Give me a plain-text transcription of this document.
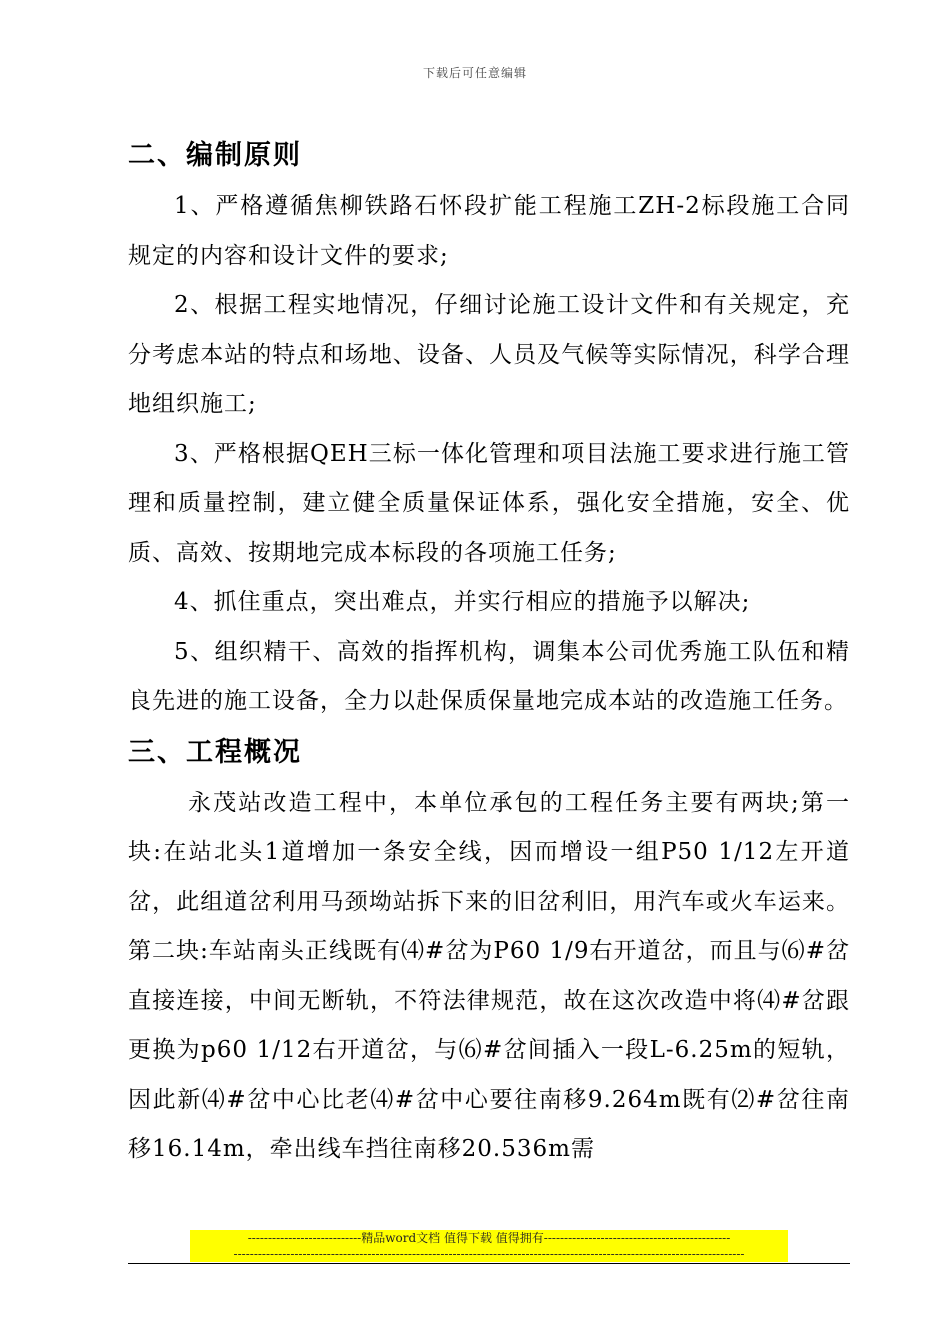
下载后可任意编辑
二、编制原则

1、严格遵循焦柳铁路石怀段扩能工程施工ZH-2标段施工合同规定的内容和设计文件的要求;

2、根据工程实地情况，仔细讨论施工设计文件和有关规定，充分考虑本站的特点和场地、设备、人员及气候等实际情况，科学合理地组织施工;

3、严格根据QEH三标一体化管理和项目法施工要求进行施工管理和质量控制，建立健全质量保证体系，强化安全措施，安全、优质、高效、按期地完成本标段的各项施工任务;

4、抓住重点，突出难点，并实行相应的措施予以解决;

5、组织精干、高效的指挥机构，调集本公司优秀施工队伍和精良先进的施工设备，全力以赴保质保量地完成本站的改造施工任务。

三、工程概况

永茂站改造工程中，本单位承包的工程任务主要有两块;第一块:在站北头1道增加一条安全线，因而增设一组P50 1/12左开道岔，此组道岔利用马颈坳站拆下来的旧岔利旧，用汽车或火车运来。第二块:车站南头正线既有⑷#岔为P60 1/9右开道岔，而且与⑹#岔直接连接，中间无断轨，不符法律规范，故在这次改造中将⑷#岔跟更换为p60 1/12右开道岔，与⑹#岔间插入一段L-6.25m的短轨，因此新⑷#岔中心比老⑷#岔中心要往南移9.264m既有⑵#岔往南移16.14m，牵出线车挡往南移20.536m需

----------------------------精品word文档 值得下载 值得拥有----------------------------------------------
------------------------------------------------------------------------------------------------------------------------------
